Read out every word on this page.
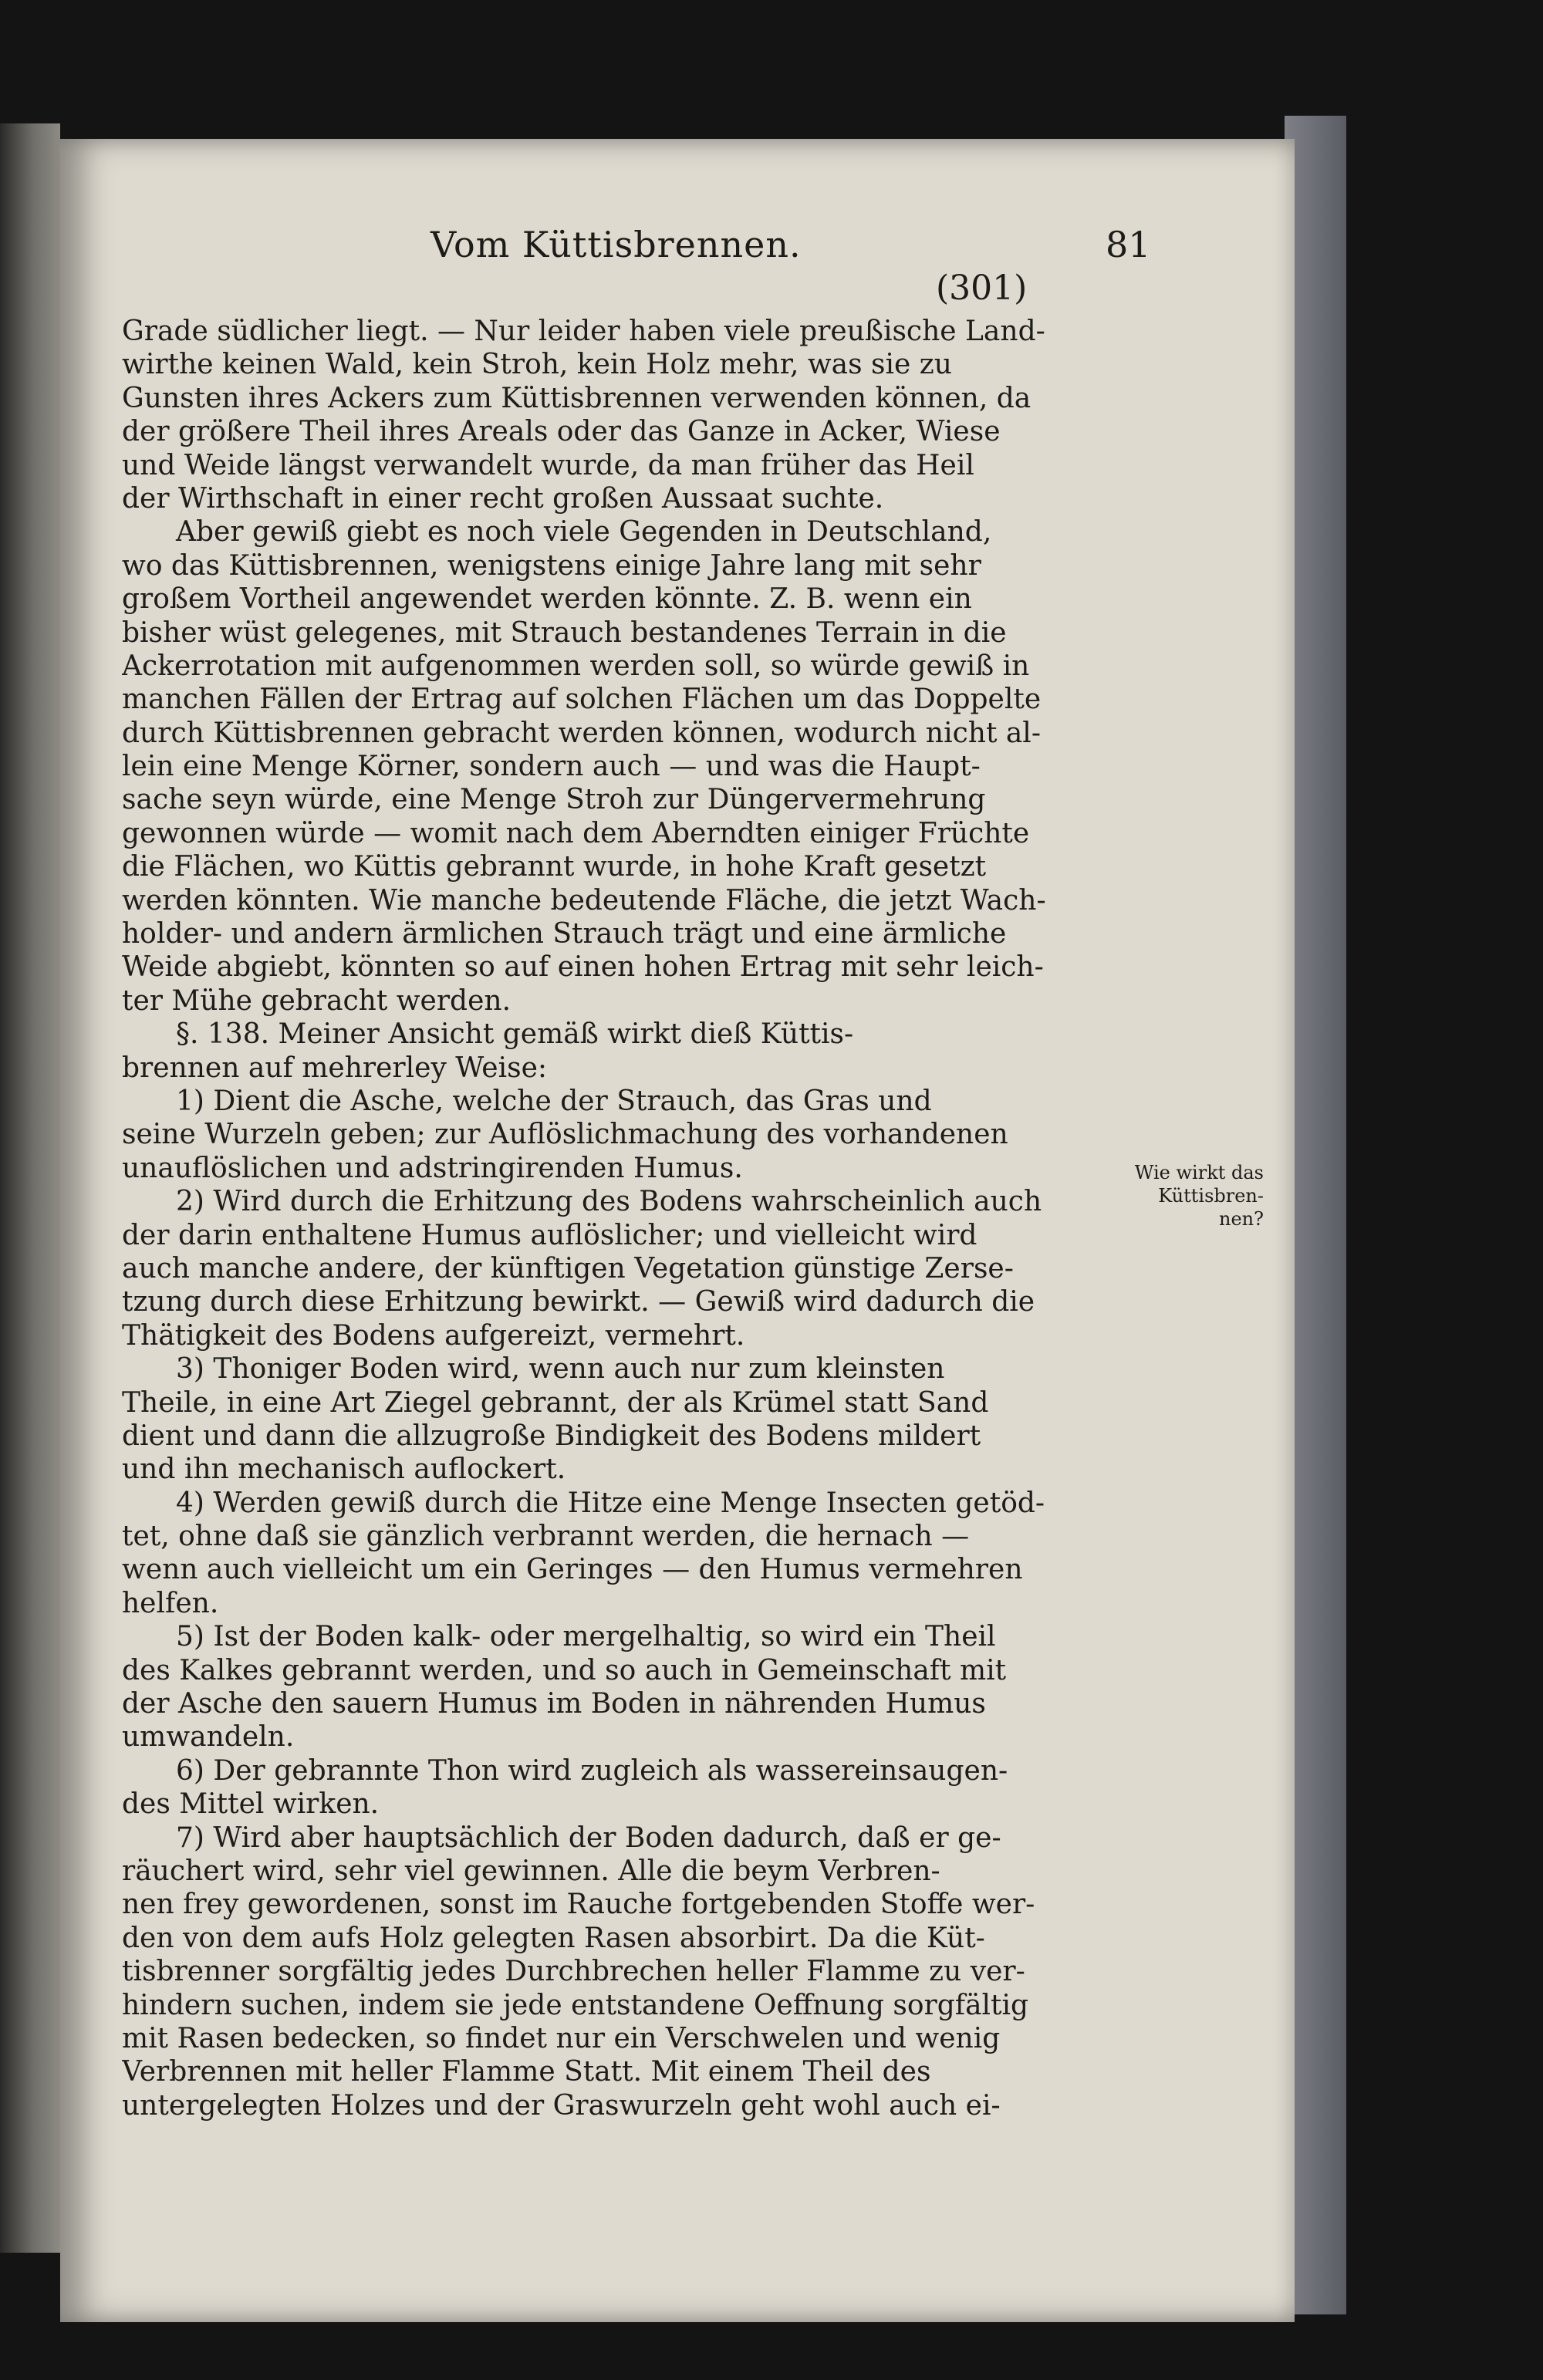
Vom Küttisbrennen.	81
(301)
Grade südlicher liegt. — Nur leider haben viele preußische Land-
wirthe keinen Wald, kein Stroh, kein Holz mehr, was sie zu
Gunsten ihres Ackers zum Küttisbrennen verwenden können, da
der größere Theil ihres Areals oder das Ganze in Acker, Wiese
und Weide längst verwandelt wurde, da man früher das Heil
der Wirthschaft in einer recht großen Aussaat suchte.
Aber gewiß giebt es noch viele Gegenden in Deutschland,
wo das Küttisbrennen, wenigstens einige Jahre lang mit sehr
großem Vortheil angewendet werden könnte. Z. B. wenn ein
bisher wüst gelegenes, mit Strauch bestandenes Terrain in die
Ackerrotation mit aufgenommen werden soll, so würde gewiß in
manchen Fällen der Ertrag auf solchen Flächen um das Doppelte
durch Küttisbrennen gebracht werden können, wodurch nicht al-
lein eine Menge Körner, sondern auch — und was die Haupt-
sache seyn würde, eine Menge Stroh zur Düngervermehrung
gewonnen würde — womit nach dem Aberndten einiger Früchte
die Flächen, wo Küttis gebrannt wurde, in hohe Kraft gesetzt
werden könnten. Wie manche bedeutende Fläche, die jetzt Wach-
holder- und andern ärmlichen Strauch trägt und eine ärmliche
Weide abgiebt, könnten so auf einen hohen Ertrag mit sehr leich-
ter Mühe gebracht werden.
§. 138. Meiner Ansicht gemäß wirkt dieß Küttis-
brennen auf mehrerley Weise:
1) Dient die Asche, welche der Strauch, das Gras und
seine Wurzeln geben; zur Auflöslichmachung des vorhandenen
unauflöslichen und adstringirenden Humus.
2) Wird durch die Erhitzung des Bodens wahrscheinlich auch
der darin enthaltene Humus auflöslicher; und vielleicht wird
auch manche andere, der künftigen Vegetation günstige Zerse-
tzung durch diese Erhitzung bewirkt. — Gewiß wird dadurch die
Thätigkeit des Bodens aufgereizt, vermehrt.
3) Thoniger Boden wird, wenn auch nur zum kleinsten
Theile, in eine Art Ziegel gebrannt, der als Krümel statt Sand
dient und dann die allzugroße Bindigkeit des Bodens mildert
und ihn mechanisch auflockert.
4) Werden gewiß durch die Hitze eine Menge Insecten getöd-
tet, ohne daß sie gänzlich verbrannt werden, die hernach —
wenn auch vielleicht um ein Geringes — den Humus vermehren
helfen.
5) Ist der Boden kalk- oder mergelhaltig, so wird ein Theil
des Kalkes gebrannt werden, und so auch in Gemeinschaft mit
der Asche den sauern Humus im Boden in nährenden Humus
umwandeln.
6) Der gebrannte Thon wird zugleich als wassereinsaugen-
des Mittel wirken.
7) Wird aber hauptsächlich der Boden dadurch, daß er ge-
räuchert wird, sehr viel gewinnen. Alle die beym Verbren-
nen frey gewordenen, sonst im Rauche fortgebenden Stoffe wer-
den von dem aufs Holz gelegten Rasen absorbirt. Da die Küt-
tisbrenner sorgfältig jedes Durchbrechen heller Flamme zu ver-
hindern suchen, indem sie jede entstandene Oeffnung sorgfältig
mit Rasen bedecken, so findet nur ein Verschwelen und wenig
Verbrennen mit heller Flamme Statt. Mit einem Theil des
untergelegten Holzes und der Graswurzeln geht wohl auch ei-
Wie wirkt das
Küttisbren-
nen?
